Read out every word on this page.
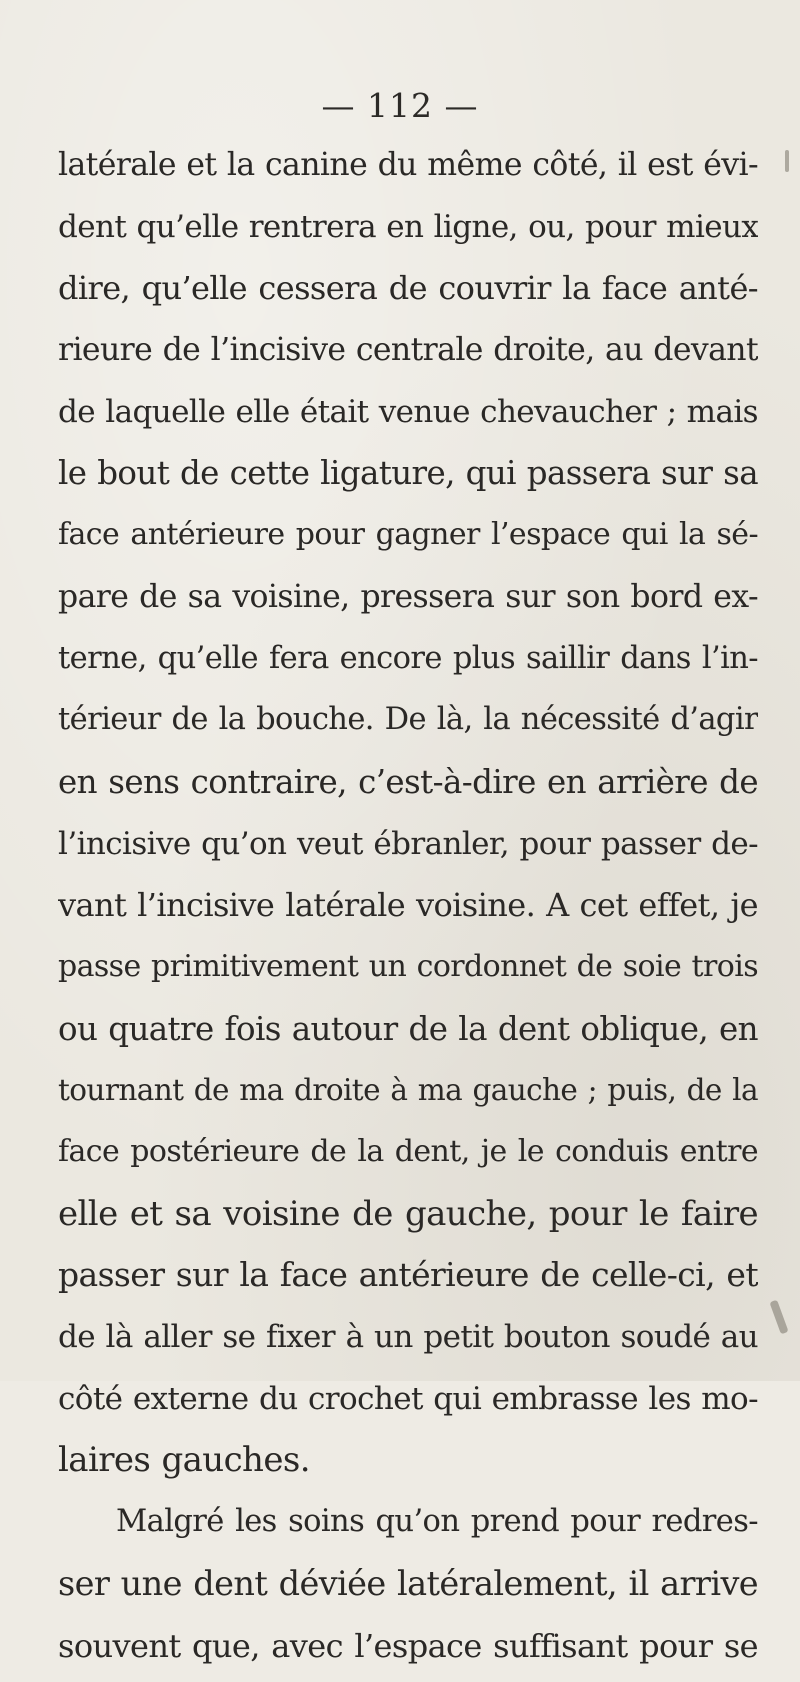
— 112 —
latérale et la canine du même côté, il est évi-
dent qu’elle rentrera en ligne, ou, pour mieux
dire, qu’elle cessera de couvrir la face anté-
rieure de l’incisive centrale droite, au devant
de laquelle elle était venue chevaucher ; mais
le bout de cette ligature, qui passera sur sa
face antérieure pour gagner l’espace qui la sé-
pare de sa voisine, pressera sur son bord ex-
terne, qu’elle fera encore plus saillir dans l’in-
térieur de la bouche. De là, la nécessité d’agir
en sens contraire, c’est-à-dire en arrière de
l’incisive qu’on veut ébranler, pour passer de-
vant l’incisive latérale voisine. A cet effet, je
passe primitivement un cordonnet de soie trois
ou quatre fois autour de la dent oblique, en
tournant de ma droite à ma gauche ; puis, de la
face postérieure de la dent, je le conduis entre
elle et sa voisine de gauche, pour le faire
passer sur la face antérieure de celle-ci, et
de là aller se fixer à un petit bouton soudé au
côté externe du crochet qui embrasse les mo-
laires gauches.
Malgré les soins qu’on prend pour redres-
ser une dent déviée latéralement, il arrive
souvent que, avec l’espace suffisant pour se
